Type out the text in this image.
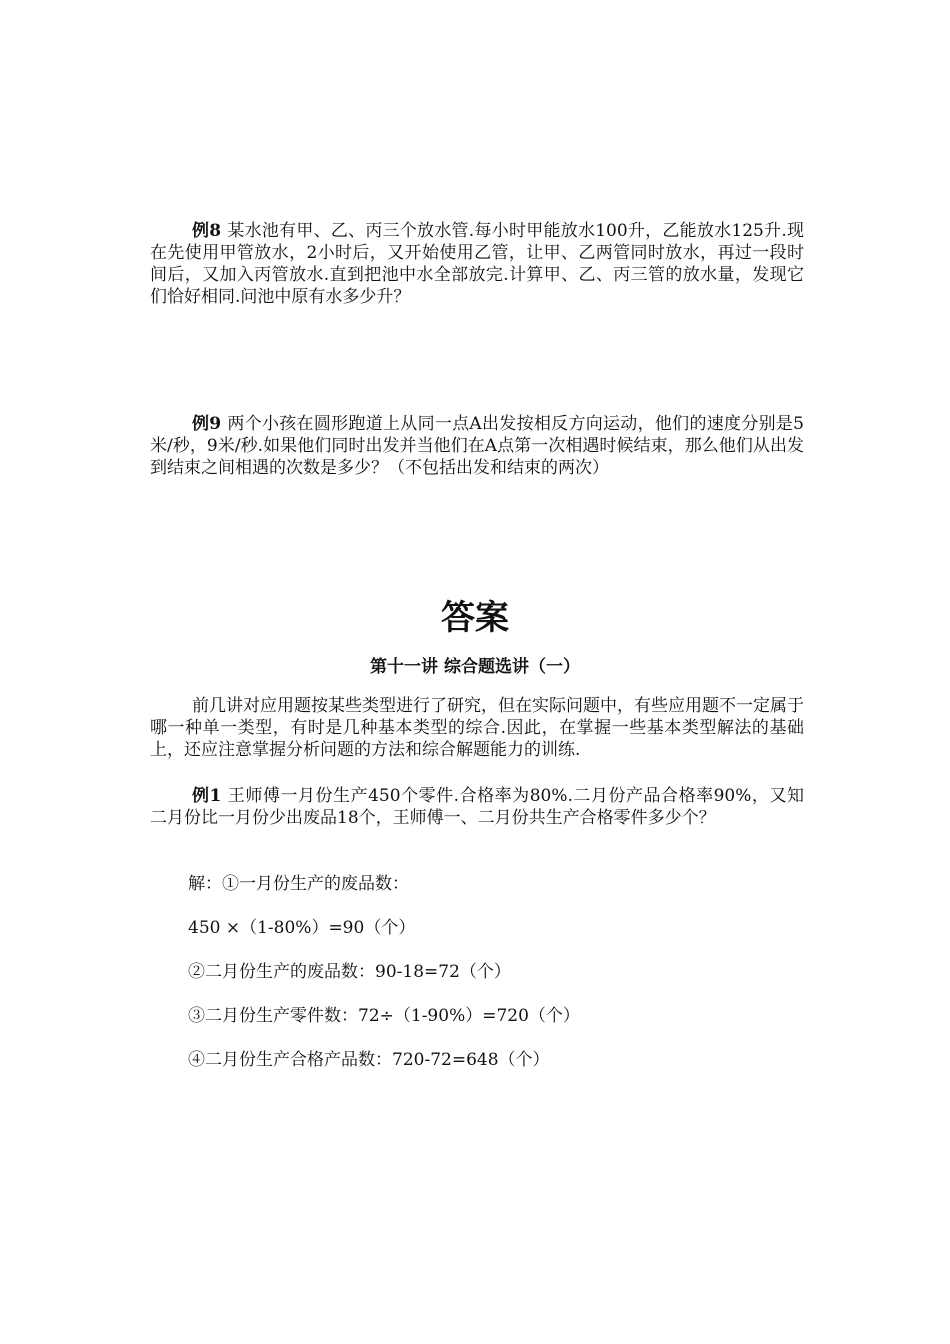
例8 某水池有甲、乙、丙三个放水管.每小时甲能放水100升，乙能放水125升.现在先使用甲管放水，2小时后，又开始使用乙管，让甲、乙两管同时放水，再过一段时间后，又加入丙管放水.直到把池中水全部放完.计算甲、乙、丙三管的放水量，发现它们恰好相同.问池中原有水多少升？

例9 两个小孩在圆形跑道上从同一点A出发按相反方向运动，他们的速度分别是5米/秒，9米/秒.如果他们同时出发并当他们在A点第一次相遇时候结束，那么他们从出发到结束之间相遇的次数是多少？（不包括出发和结束的两次）

答案
第十一讲 综合题选讲（一）

前几讲对应用题按某些类型进行了研究，但在实际问题中，有些应用题不一定属于哪一种单一类型，有时是几种基本类型的综合.因此，在掌握一些基本类型解法的基础上，还应注意掌握分析问题的方法和综合解题能力的训练.

例1 王师傅一月份生产450个零件.合格率为80%.二月份产品合格率90%，又知二月份比一月份少出废品18个，王师傅一、二月份共生产合格零件多少个？

解：①一月份生产的废品数：

450 ×（1-80%）=90（个）

②二月份生产的废品数：90-18=72（个）

③二月份生产零件数：72÷（1-90%）=720（个）

④二月份生产合格产品数：720-72=648（个）
